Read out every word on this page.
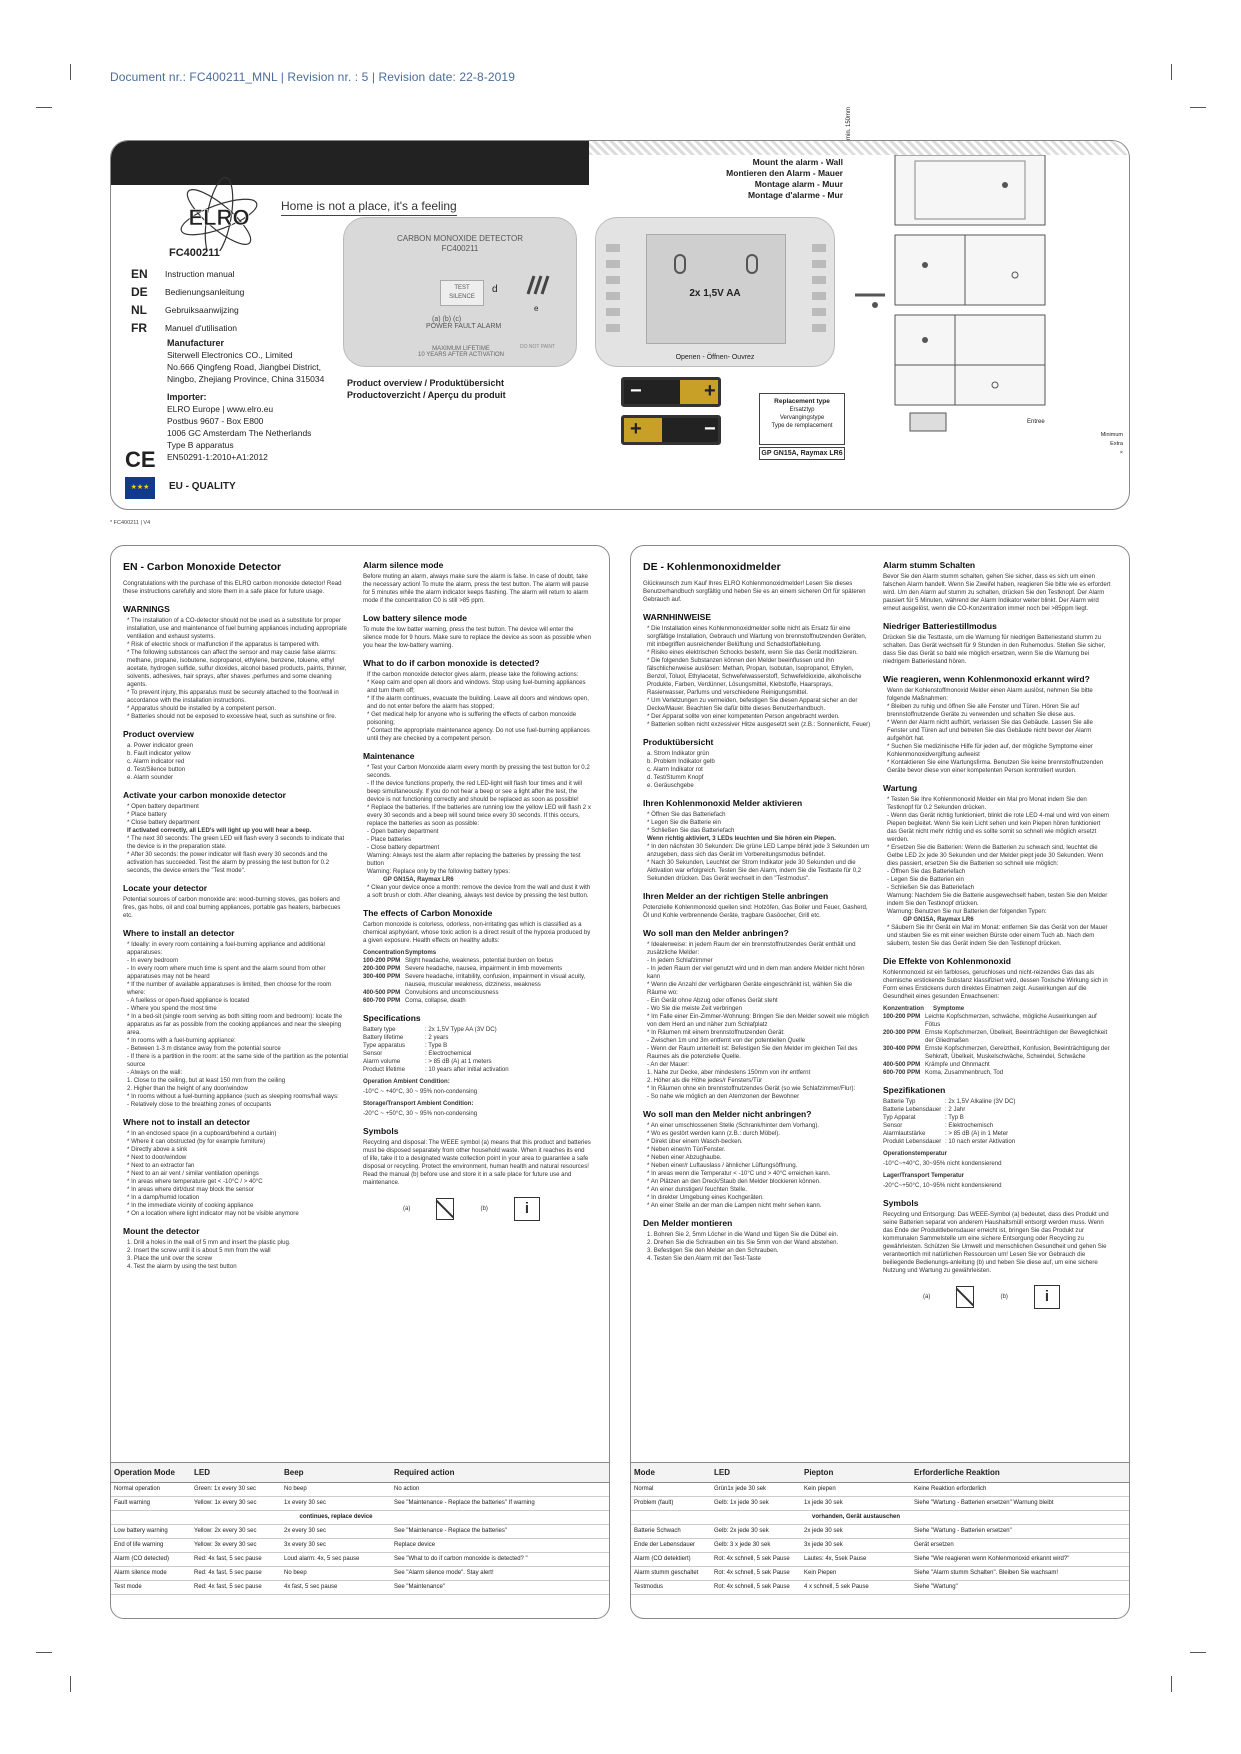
Document nr.: FC400211_MNL | Revision nr. : 5 | Revision date: 22-8-2019
ELRO	Home is not a place, it's a feeling
FC400211
EN	Instruction manual
DE	Bedienungsanleitung
NL	Gebruiksaanwijzing
FR	Manuel d'utilisation
Manufacturer
Siterwell Electronics CO., Limited
No.666 Qingfeng Road, Jiangbei District,
Ningbo, Zhejiang Province, China 315034
Importer:
ELRO Europe | www.elro.eu
Postbus 9607 - Box E800
1006 GC Amsterdam The Netherlands
Type B apparatus
EN50291-1:2010+A1:2012
CE
★★★	EU - QUALITY
CARBON MONOXIDE DETECTOR
FC400211
TEST
SILENCE
d
e
(a) (b) (c)
POWER FAULT ALARM
MAXIMUM LIFETIME
10 YEARS AFTER ACTIVATION
DO NOT PAINT
Product overview / Produktübersicht
Productoverzicht / Aperçu du produit	−	+
+	−
2x 1,5V AA
Openen - Öffnen- Ouvrez
Mount the alarm - Wall
Montieren den Alarm - Mauer
Montage alarm - Muur
Montage d'alarme - Mur
Replacement type
Ersatztyp
Vervangingstype
Type de remplacement
GP GN15A, Raymax LR6
Entree
Minimum
Extra
×
* FC400211 | V4
EN - Carbon Monoxide Detector

Congratulations with the purchase of this ELRO carbon monoxide detector! Read these instructions carefully and store them in a safe place for future usage.

WARNINGS
* The installation of a CO-detector should not be used as a substitute for proper installation, use and maintenance of fuel burning appliances including appropriate ventilation and exhaust systems.
* Risk of electric shock or malfunction if the apparatus is tampered with.
* The following substances can affect the sensor and may cause false alarms: methane, propane, isobutene, isopropanol, ethylene, benzene, toluene, ethyl acetate, hydrogen sulfide, sulfur dioxides, alcohol based products, paints, thinner, solvents, adhesives, hair sprays, after shaves ,perfumes and some cleaning agents.
* To prevent injury, this apparatus must be securely attached to the floor/wall in accordance with the installation instructions.
* Apparatus should be installed by a competent person.
* Batteries should not be exposed to excessive heat, such as sunshine or fire.
Product overview
a. Power indicator green
b. Fault indicator yellow
c. Alarm indicator red
d. Test/Silence button
e. Alarm sounder
Activate your carbon monoxide detector
* Open battery department
* Place battery
* Close battery department
If activated correctly, all LED's will light up you will hear a beep.
* The next 30 seconds: The green LED will flash every 3 seconds to indicate that the device is in the preparation state.
* After 30 seconds: the power indicator will flash every 30 seconds and the activation has succeeded. Test the alarm by pressing the test button for 0.2 seconds, the device enters the "Test mode".
Locate your detector

Potential sources of carbon monoxide are: wood-burning stoves, gas boilers and fires, gas hobs, oil and coal burning appliances, portable gas heaters, barbecues etc.

Where to install an detector
* Ideally: in every room containing a fuel-burning appliance and additional apparatuses:
- In every bedroom
- In every room where much time is spent and the alarm sound from other apparatuses may not be heard
* If the number of available apparatuses is limited, then choose for the room where:
- A fuelless or open-flued appliance is located
- Where you spend the most time
* In a bed-sit (single room serving as both sitting room and bedroom): locate the apparatus as far as possible from the cooking appliances and near the sleeping area.
* In rooms with a fuel-burning appliance:
- Between 1-3 m distance away from the potential source
- If there is a partition in the room: at the same side of the partition as the potential source
- Always on the wall:
1. Close to the ceiling, but at least 150 mm from the ceiling
2. Higher than the height of any door/window
* In rooms without a fuel-burning appliance (such as sleeping rooms/hall ways:
- Relatively close to the breathing zones of occupants
Where not to install an detector
* In an enclosed space (in a cupboard/behind a curtain)
* Where it can obstructed (by for example furniture)
* Directly above a sink
* Next to door/window
* Next to an extractor fan
* Next to an air vent / similar ventilation openings
* In areas where temperature get < -10°C / > 40°C
* In areas where dirt/dust may block the sensor
* In a damp/humid location
* In the immediate vicinity of cooking appliance
* On a location where light indicator may not be visible anymore
Mount the detector
1. Drill a holes in the wall of 5 mm and insert the plastic plug.
2. Insert the screw until it is about 5 mm from the wall
3. Place the unit over the screw
4. Test the alarm by using the test button
Alarm silence mode

Before muting an alarm, always make sure the alarm is false. In case of doubt, take the necessary action! To mute the alarm, press the test button. The alarm will pause for 5 minutes while the alarm indicator keeps flashing. The alarm will return to alarm mode if the concentration C0 is still >85 ppm.

Low battery silence mode

To mute the low batter warning, press the test button. The device will enter the silence mode for 9 hours. Make sure to replace the device as soon as possible when you hear the low-battery warning.

What to do if carbon monoxide is detected?
If the carbon monoxide detector gives alarm, please take the following actions:
* Keep calm and open all doors and windows. Stop using fuel-burning appliances and turn them off;
* If the alarm continues, evacuate the building. Leave all doors and windows open, and do not enter before the alarm has stopped;
* Get medical help for anyone who is suffering the effects of carbon monoxide poisoning;
* Contact the appropriate maintenance agency. Do not use fuel-burning appliances until they are checked by a competent person.
Maintenance
* Test your Carbon Monoxide alarm every month by pressing the test button for 0.2 seconds.
- If the device functions properly, the red LED-light will flash four times and it will beep simultaneously. If you do not hear a beep or see a light after the test, the device is not functioning correctly and should be replaced as soon as possible!
* Replace the batteries. If the batteries are running low the yellow LED will flash 2 x every 30 seconds and a beep will sound twice every 30 seconds. If this occurs, replace the batteries as soon as possible:
- Open battery department
- Place batteries
- Close battery department
Warning: Always test the alarm after replacing the batteries by pressing the test button
Warning: Replace only by the following battery types:
GP GN15A, Raymax LR6
* Clean your device once a month: remove the device from the wall and dust it with a soft brush or cloth. After cleaning, always test device by pressing the test button.
The effects of Carbon Monoxide

Carbon monoxide is colorless, odorless, non-irritating gas which is classified as a chemical asphyxiant, whose toxic action is a direct result of the hypoxia produced by a given exposure. Health effects on healthy adults:

Concentration Symptoms
100-200 PPM Slight headache, weakness, potential burden on foetus
200-300 PPM Severe headache, nausea, impairment in limb movements
300-400 PPM Severe headache, irritability, confusion, impairment in visual acuity, nausea, muscular weakness, dizziness, weakness
400-500 PPM Convulsions and unconsciousness
600-700 PPM Coma, collapse, death
Specifications
Battery type	: 2x 1,5V Type AA (3V DC)
Battery lifetime	: 2 years
Type apparatus	: Type B
Sensor	: Electrochemical
Alarm volume	: > 85 dB (A) at 1 meters
Product lifetime	: 10 years after initial activation

Operation Ambient Condition:

-10°C ~ +40°C, 30 ~ 95% non-condensing

Storage/Transport Ambient Condition:

-20°C ~ +50°C, 30 ~ 95% non-condensing

Symbols

Recycling and disposal: The WEEE symbol (a) means that this product and batteries must be disposed separately from other household waste. When it reaches its end of life, take it to a designated waste collection point in your area to guarantee a safe disposal or recycling. Protect the environment, human health and natural resources! Read the manual (b) before use and store it in a safe place for future use and maintenance.

(a)	(b)	i
Operation Mode	LED	Beep	Required action
Normal operation	Green: 1x every 30 sec	No beep	No action
Fault warning	Yellow: 1x every 30 sec	1x every 30 sec	See "Maintenance - Replace the batteries" If warning
		continues, replace device	
Low battery warning	Yellow: 2x every 30 sec	2x every 30 sec	See "Maintenance - Replace the batteries"
End of life warning	Yellow: 3x every 30 sec	3x every 30 sec	Replace device
Alarm (CO detected)	Red: 4x fast, 5 sec pause	Loud alarm: 4x, 5 sec pause	See "What to do if carbon monoxide is detected? "
Alarm silence mode	Red: 4x fast, 5 sec pause	No beep	See "Alarm silence mode". Stay alert!
Test mode	Red: 4x fast, 5 sec pause	4x fast, 5 sec pause	See "Maintenance"
DE - Kohlenmonoxidmelder

Glückwunsch zum Kauf Ihres ELRO Kohlenmonoxidmelder! Lesen Sie dieses Benutzerhandbuch sorgfältig und heben Sie es an einem sicheren Ort für späteren Gebrauch auf.

WARNHINWEISE
* Die Installation eines Kohlenmonoxidmelder sollte nicht als Ersatz für eine sorgfältige Installation, Gebrauch und Wartung von brennstoffnutzenden Geräten, mit inbegriffen ausreichender Belüftung und Schadstoffableitung.
* Risiko eines elektrischen Schocks besteht, wenn Sie das Gerät modifizieren.
* Die folgenden Substanzen können den Melder beeinflussen und ihn fälschlicherweise auslösen: Methan, Propan, Isobutan, Isopropanol, Ethylen, Benzol, Toluol, Ethylacetat, Schwefelwasserstoff, Schwefeldioxide, alkoholische Produkte, Farben, Verdünner, Lösungsmittel, Klebstoffe, Haarsprays, Rasierwasser, Parfums und verschiedene Reinigungsmittel.
* Um Verletzungen zu vermeiden, befestigen Sie diesen Apparat sicher an der Decke/Mauer. Beachten Sie dafür bitte dieses Benutzerhandbuch.
* Der Apparat sollte von einer kompetenten Person angebracht werden.
* Batterien sollten nicht exzessiver Hitze ausgesetzt sein (z.B.: Sonnenlicht, Feuer)
Produktübersicht
a. Strom Indikator grün
b. Problem Indikator gelb
c. Alarm Indikator rot
d. Test/Stumm Knopf
e. Geräuschgebe
Ihren Kohlenmonoxid Melder aktivieren
* Öffnen Sie das Batteriefach
* Legen Sie die Batterie ein
* Schließen Sie das Batteriefach
Wenn richtig aktiviert, 3 LEDs leuchten und Sie hören ein Piepen.
* In den nächsten 30 Sekunden: Die grüne LED Lampe blinkt jede 3 Sekunden um anzugeben, dass sich das Gerät im Vorbereitungsmodus befindet.
* Nach 30 Sekunden, Leuchtet der Strom Indikator jede 30 Sekunden und die Aktivation war erfolgreich. Testen Sie den Alarm, indem Sie die Testtaste für 0,2 Sekunden drücken. Das Gerät wechselt in den "Testmodus".
Ihren Melder an der richtigen Stelle anbringen

Potenzielle Kohlenmonoxid quellen sind: Holzöfen, Gas Boiler und Feuer, Gasherd, Öl und Kohle verbrennende Geräte, tragbare Gasöocher, Grill etc.

Wo soll man den Melder anbringen?
* Idealerweise: in jedem Raum der ein brennstoffnutzendes Gerät enthält und zusätzliche Melder:
- In jedem Schlafzimmer
- In jeden Raum der viel genutzt wird und in dem man andere Melder nicht hören kann
* Wenn die Anzahl der verfügbaren Geräte eingeschränkt ist, wählen Sie die Räume wo:
- Ein Gerät ohne Abzug oder offenes Gerät steht
- Wo Sie die meiste Zeit verbringen
* Im Falle einer Ein-Zimmer-Wohnung: Bringen Sie den Melder soweit wie möglich von dem Herd an und näher zum Schlafplatz
* In Räumen mit einem brennstoffnutzenden Gerät:
- Zwischen 1m und 3m entfernt von der potentiellen Quelle
- Wenn der Raum unterteilt ist: Befestigen Sie den Melder im gleichen Teil des Raumes als die potenzielle Quelle.
- An der Mauer:
1. Nahe zur Decke, aber mindestens 150mm von ihr entfernt
2. Höher als die Höhe jedes/r Fensters/Tür
* In Räumen ohne ein brennstoffnutzendes Gerät (so wie Schlafzimmer/Flur):
- So nahe wie möglich an den Atemzonen der Bewohner
Wo soll man den Melder nicht anbringen?
* An einer umschlossenen Stelle (Schrank/hinter dem Vorhang).
* Wo es gestört werden kann (z.B.: durch Möbel).
* Direkt über einem Wasch-becken.
* Neben einer/m Tür/Fenster.
* Neben einer Abzughaube.
* Neben einer/r Luftauslass / ähnlicher Lüftungsöffnung.
* In areas wenn die Temperatur < -10°C und > 40°C erreichen kann.
* An Plätzen an den Dreck/Staub den Melder blockieren können.
* An einer dunstigen/ feuchten Stelle.
* In direkter Umgebung eines Kochgeräten.
* An einer Stelle an der man die Lampen nicht mehr sehen kann.
Den Melder montieren
1. Bohren Sie 2, 5mm Löcher in die Wand und fügen Sie die Dübel ein.
2. Drehen Sie die Schrauben ein bis Sie 5mm von der Wand abstehen.
3. Befestigen Sie den Melder an den Schrauben.
4. Testen Sie den Alarm mit der Test-Taste
Alarm stumm Schalten

Bevor Sie den Alarm stumm schalten, gehen Sie sicher, dass es sich um einen falschen Alarm handelt. Wenn Sie Zweifel haben, reagieren Sie bitte wie es erfordert wird. Um den Alarm auf stumm zu schalten, drücken Sie den Testknopf. Der Alarm pausiert für 5 Minuten, während der Alarm Indikator weiter blinkt. Der Alarm wird erneut ausgelöst, wenn die CO-Konzentration immer noch bei >85ppm liegt.

Niedriger Batteriestillmodus

Drücken Sie die Testtaste, um die Warnung für niedrigen Batteriestand stumm zu schalten. Das Gerät wechselt für 9 Stunden in den Ruhemodus. Stellen Sie sicher, dass Sie das Gerät so bald wie möglich ersetzen, wenn Sie die Warnung bei niedrigem Batteriestand hören.

Wie reagieren, wenn Kohlenmonoxid erkannt wird?
Wenn der Kohlenstoffmonoxid Melder einen Alarm auslöst, nehmen Sie bitte folgende Maßnahmen:
* Bleiben zu ruhig und öffnen Sie alle Fenster und Türen. Hören Sie auf brennstoffnutzende Geräte zu verwenden und schalten Sie diese aus.
* Wenn der Alarm nicht aufhört, verlassen Sie das Gebäude. Lassen Sie alle Fenster und Türen auf und betreten Sie das Gebäude nicht bevor der Alarm aufgehört hat.
* Suchen Sie medizinische Hilfe für jeden auf, der mögliche Symptome einer Kohlenmonoxidvergiftung aufweist
* Kontaktieren Sie eine Wartungsfirma. Benutzen Sie keine brennstoffnutzenden Geräte bevor diese von einer kompetenten Person kontrolliert wurden.
Wartung
* Testen Sie Ihre Kohlenmonoxid Melder ein Mal pro Monat indem Sie den Testknopf für 0.2 Sekunden drücken.
- Wenn das Gerät richtig funktioniert, blinkt die rote LED 4-mal und wird von einem Piepen begleitet. Wenn Sie kein Licht sehen und kein Piepen hören funktioniert das Gerät nicht mehr richtig und es sollte somit so schnell wie möglich ersetzt werden.
* Ersetzen Sie die Batterien: Wenn die Batterien zu schwach sind, leuchtet die Gelbe LED 2x jede 30 Sekunden und der Melder piept jede 30 Sekunden. Wenn dies passiert, ersetzen Sie die Batterien so schnell wie möglich:
- Öffnen Sie das Batteriefach
- Legen Sie die Batterien ein
- Schließen Sie das Batteriefach
Warnung: Nachdem Sie die Batterie ausgewechselt haben, testen Sie den Melder indem Sie den Testknopf drücken.
Warnung: Benutzen Sie nur Batterien der folgenden Typen:
GP GN15A, Raymax LR6
* Säubern Sie Ihr Gerät ein Mal im Monat: entfernen Sie das Gerät von der Mauer und stauben Sie es mit einer weichen Bürste oder einem Tuch ab. Nach dem säubern, testen Sie das Gerät indem Sie den Testknopf drücken.
Die Effekte von Kohlenmonoxid

Kohlenmonoxid ist ein farbloses, geruchloses und nicht-reizendes Gas das als chemische erstickende Substanz klassifiziert wird, dessen Toxische Wirkung sich in Form eines Erstickens durch direktes Einatmen zeigt. Auswirkungen auf die Gesundheit eines gesunden Erwachsenen:

Konzentration	Symptome
100-200 PPM Leichte Kopfschmerzen, schwäche, mögliche Auswirkungen auf Fötus
200-300 PPM Ernste Kopfschmerzen, Übelkeit, Beeinträchtigen der Beweglichkeit der Gliedmaßen
300-400 PPM Ernste Kopfschmerzen, Gereiztheit, Konfusion, Beeinträchtigung der Sehkraft, Übelkeit, Muskelschwäche, Schwindel, Schwäche
400-500 PPM Krämpfe und Ohnmacht
600-700 PPM Koma, Zusammenbruch, Tod
Spezifikationen
Batterie Typ	: 2x 1,5V Alkaline (3V DC)
Batterie Lebensdauer : 2 Jahr
Typ Apparat	: Typ B
Sensor	: Elektrochemisch
Alarmlautstärke	: > 85 dB (A) in 1 Meter
Produkt Lebensdauer : 10 nach erster Aktivation

Operationstemperatur

-10°C~+40°C, 30~95% nicht kondensierend

Lager/Transport Temperatur

-20°C~+50°C, 10~95% nicht kondensierend

Symbols

Recycling und Entsorgung: Das WEEE-Symbol (a) bedeutet, dass dies Produkt und seine Batterien separat von anderem Haushaltsmüll entsorgt werden muss. Wenn das Ende der Produktlebensdauer erreicht ist, bringen Sie das Produkt zur kommunalen Sammelstelle um eine sichere Entsorgung oder Recycling zu gewährleisten. Schützen Sie Umwelt und menschlichen Gesundheit und gehen Sie verantwortlich mit natürlichen Ressourcen um! Lesen Sie vor Gebrauch die beiliegende Bedienungs-anleitung (b) und heben Sie diese auf, um eine sichere Nutzung und Wartung zu gewährleisten.

(a)	(b)	i
Mode	LED	Piepton	Erforderliche Reaktion
Normal	Grün1x jede 30 sek	Kein piepen	Keine Reaktion erforderlich
Problem (fault)	Gelb: 1x jede 30 sek	1x jede 30 sek	Siehe "Wartung - Batterien ersetzen" Warnung bleibt
		vorhanden, Gerät austauschen	
Batterie Schwach	Gelb: 2x jede 30 sek	2x jede 30 sek	Siehe "Wartung - Batterien ersetzen"
Ende der Lebensdauer	Gelb: 3 x jede 30 sek	3x jede 30 sek	Gerät ersetzen
Alarm (CO detektiert)	Rot: 4x schnell, 5 sek Pause	Lautes: 4x, 5sek Pause	Siehe "Wie reagieren wenn Kohlenmonoxid erkannt wird?"
Alarm stumm geschaltet	Rot: 4x schnell, 5 sek Pause	Kein Piepen	Siehe "Alarm stumm Schalten". Bleiben Sie wachsam!
Testmodus	Rot: 4x schnell, 5 sek Pause	4 x schnell, 5 sek Pause	Siehe "Wartung"
min. 150mm
